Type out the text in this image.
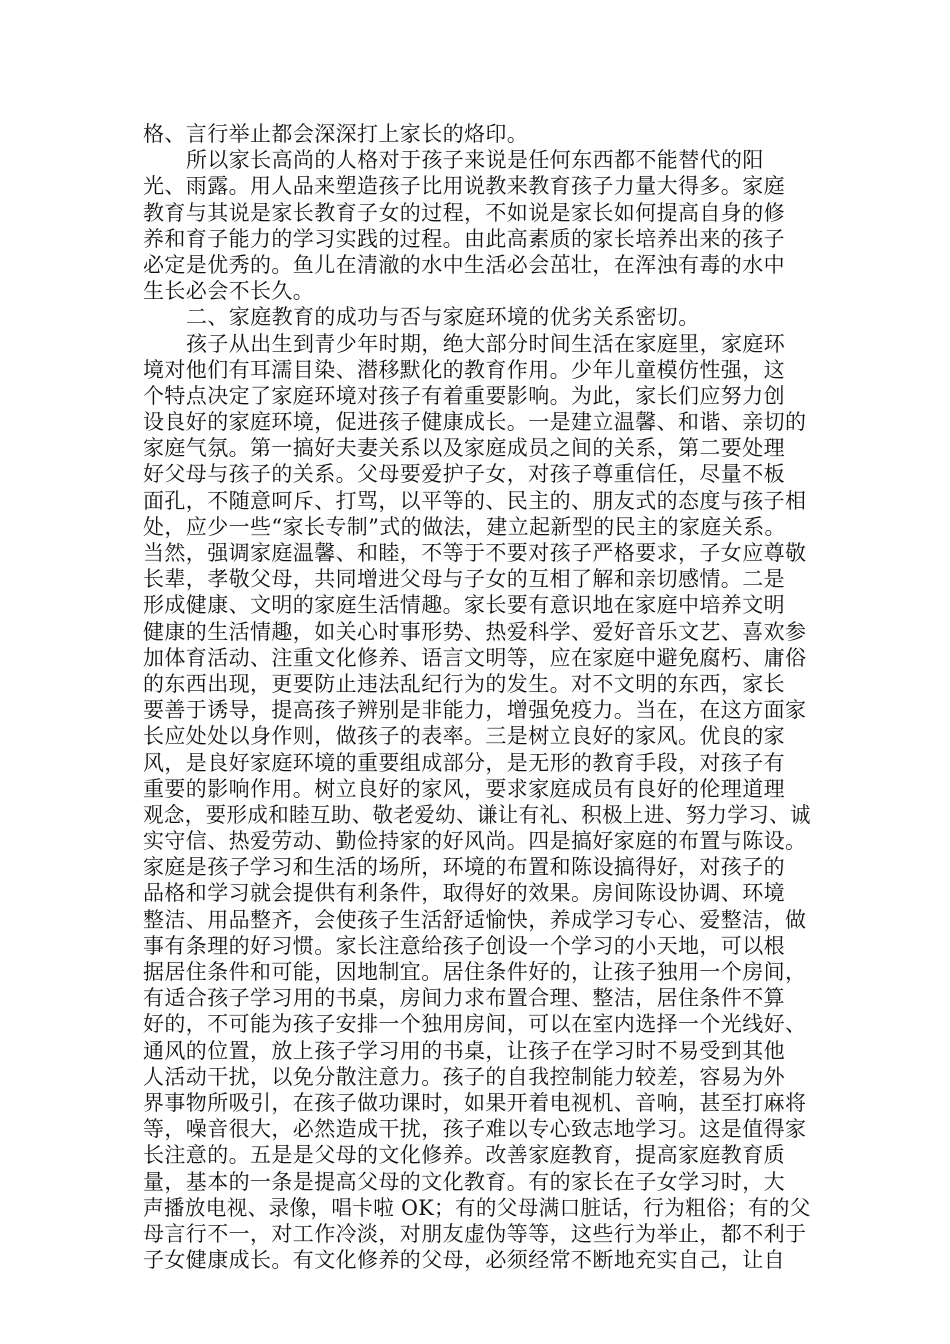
格、言行举止都会深深打上家长的烙印。
所以家长高尚的人格对于孩子来说是任何东西都不能替代的阳
光、雨露。用人品来塑造孩子比用说教来教育孩子力量大得多。家庭
教育与其说是家长教育子女的过程，不如说是家长如何提高自身的修
养和育子能力的学习实践的过程。由此高素质的家长培养出来的孩子
必定是优秀的。鱼儿在清澈的水中生活必会茁壮，在浑浊有毒的水中
生长必会不长久。
二、家庭教育的成功与否与家庭环境的优劣关系密切。
孩子从出生到青少年时期，绝大部分时间生活在家庭里，家庭环
境对他们有耳濡目染、潜移默化的教育作用。少年儿童模仿性强，这
个特点决定了家庭环境对孩子有着重要影响。为此，家长们应努力创
设良好的家庭环境，促进孩子健康成长。一是建立温馨、和谐、亲切的
家庭气氛。第一搞好夫妻关系以及家庭成员之间的关系，第二要处理
好父母与孩子的关系。父母要爱护子女，对孩子尊重信任，尽量不板
面孔，不随意呵斥、打骂，以平等的、民主的、朋友式的态度与孩子相
处，应少一些“家长专制”式的做法，建立起新型的民主的家庭关系。
当然，强调家庭温馨、和睦，不等于不要对孩子严格要求，子女应尊敬
长辈，孝敬父母，共同增进父母与子女的互相了解和亲切感情。二是
形成健康、文明的家庭生活情趣。家长要有意识地在家庭中培养文明
健康的生活情趣，如关心时事形势、热爱科学、爱好音乐文艺、喜欢参
加体育活动、注重文化修养、语言文明等，应在家庭中避免腐朽、庸俗
的东西出现，更要防止违法乱纪行为的发生。对不文明的东西，家长
要善于诱导，提高孩子辨别是非能力，增强免疫力。当在，在这方面家
长应处处以身作则，做孩子的表率。三是树立良好的家风。优良的家
风，是良好家庭环境的重要组成部分，是无形的教育手段，对孩子有
重要的影响作用。树立良好的家风，要求家庭成员有良好的伦理道理
观念，要形成和睦互助、敬老爱幼、谦让有礼、积极上进、努力学习、诚
实守信、热爱劳动、勤俭持家的好风尚。四是搞好家庭的布置与陈设。
家庭是孩子学习和生活的场所，环境的布置和陈设搞得好，对孩子的
品格和学习就会提供有利条件，取得好的效果。房间陈设协调、环境
整洁、用品整齐，会使孩子生活舒适愉快，养成学习专心、爱整洁，做
事有条理的好习惯。家长注意给孩子创设一个学习的小天地，可以根
据居住条件和可能，因地制宜。居住条件好的，让孩子独用一个房间，
有适合孩子学习用的书桌，房间力求布置合理、整洁，居住条件不算
好的，不可能为孩子安排一个独用房间，可以在室内选择一个光线好、
通风的位置，放上孩子学习用的书桌，让孩子在学习时不易受到其他
人活动干扰，以免分散注意力。孩子的自我控制能力较差，容易为外
界事物所吸引，在孩子做功课时，如果开着电视机、音响，甚至打麻将
等，噪音很大，必然造成干扰，孩子难以专心致志地学习。这是值得家
长注意的。五是是父母的文化修养。改善家庭教育，提高家庭教育质
量，基本的一条是提高父母的文化教育。有的家长在子女学习时，大
声播放电视、录像，唱卡啦 OK；有的父母满口脏话，行为粗俗；有的父
母言行不一，对工作冷淡，对朋友虚伪等等，这些行为举止，都不利于
子女健康成长。有文化修养的父母，必须经常不断地充实自己，让自
